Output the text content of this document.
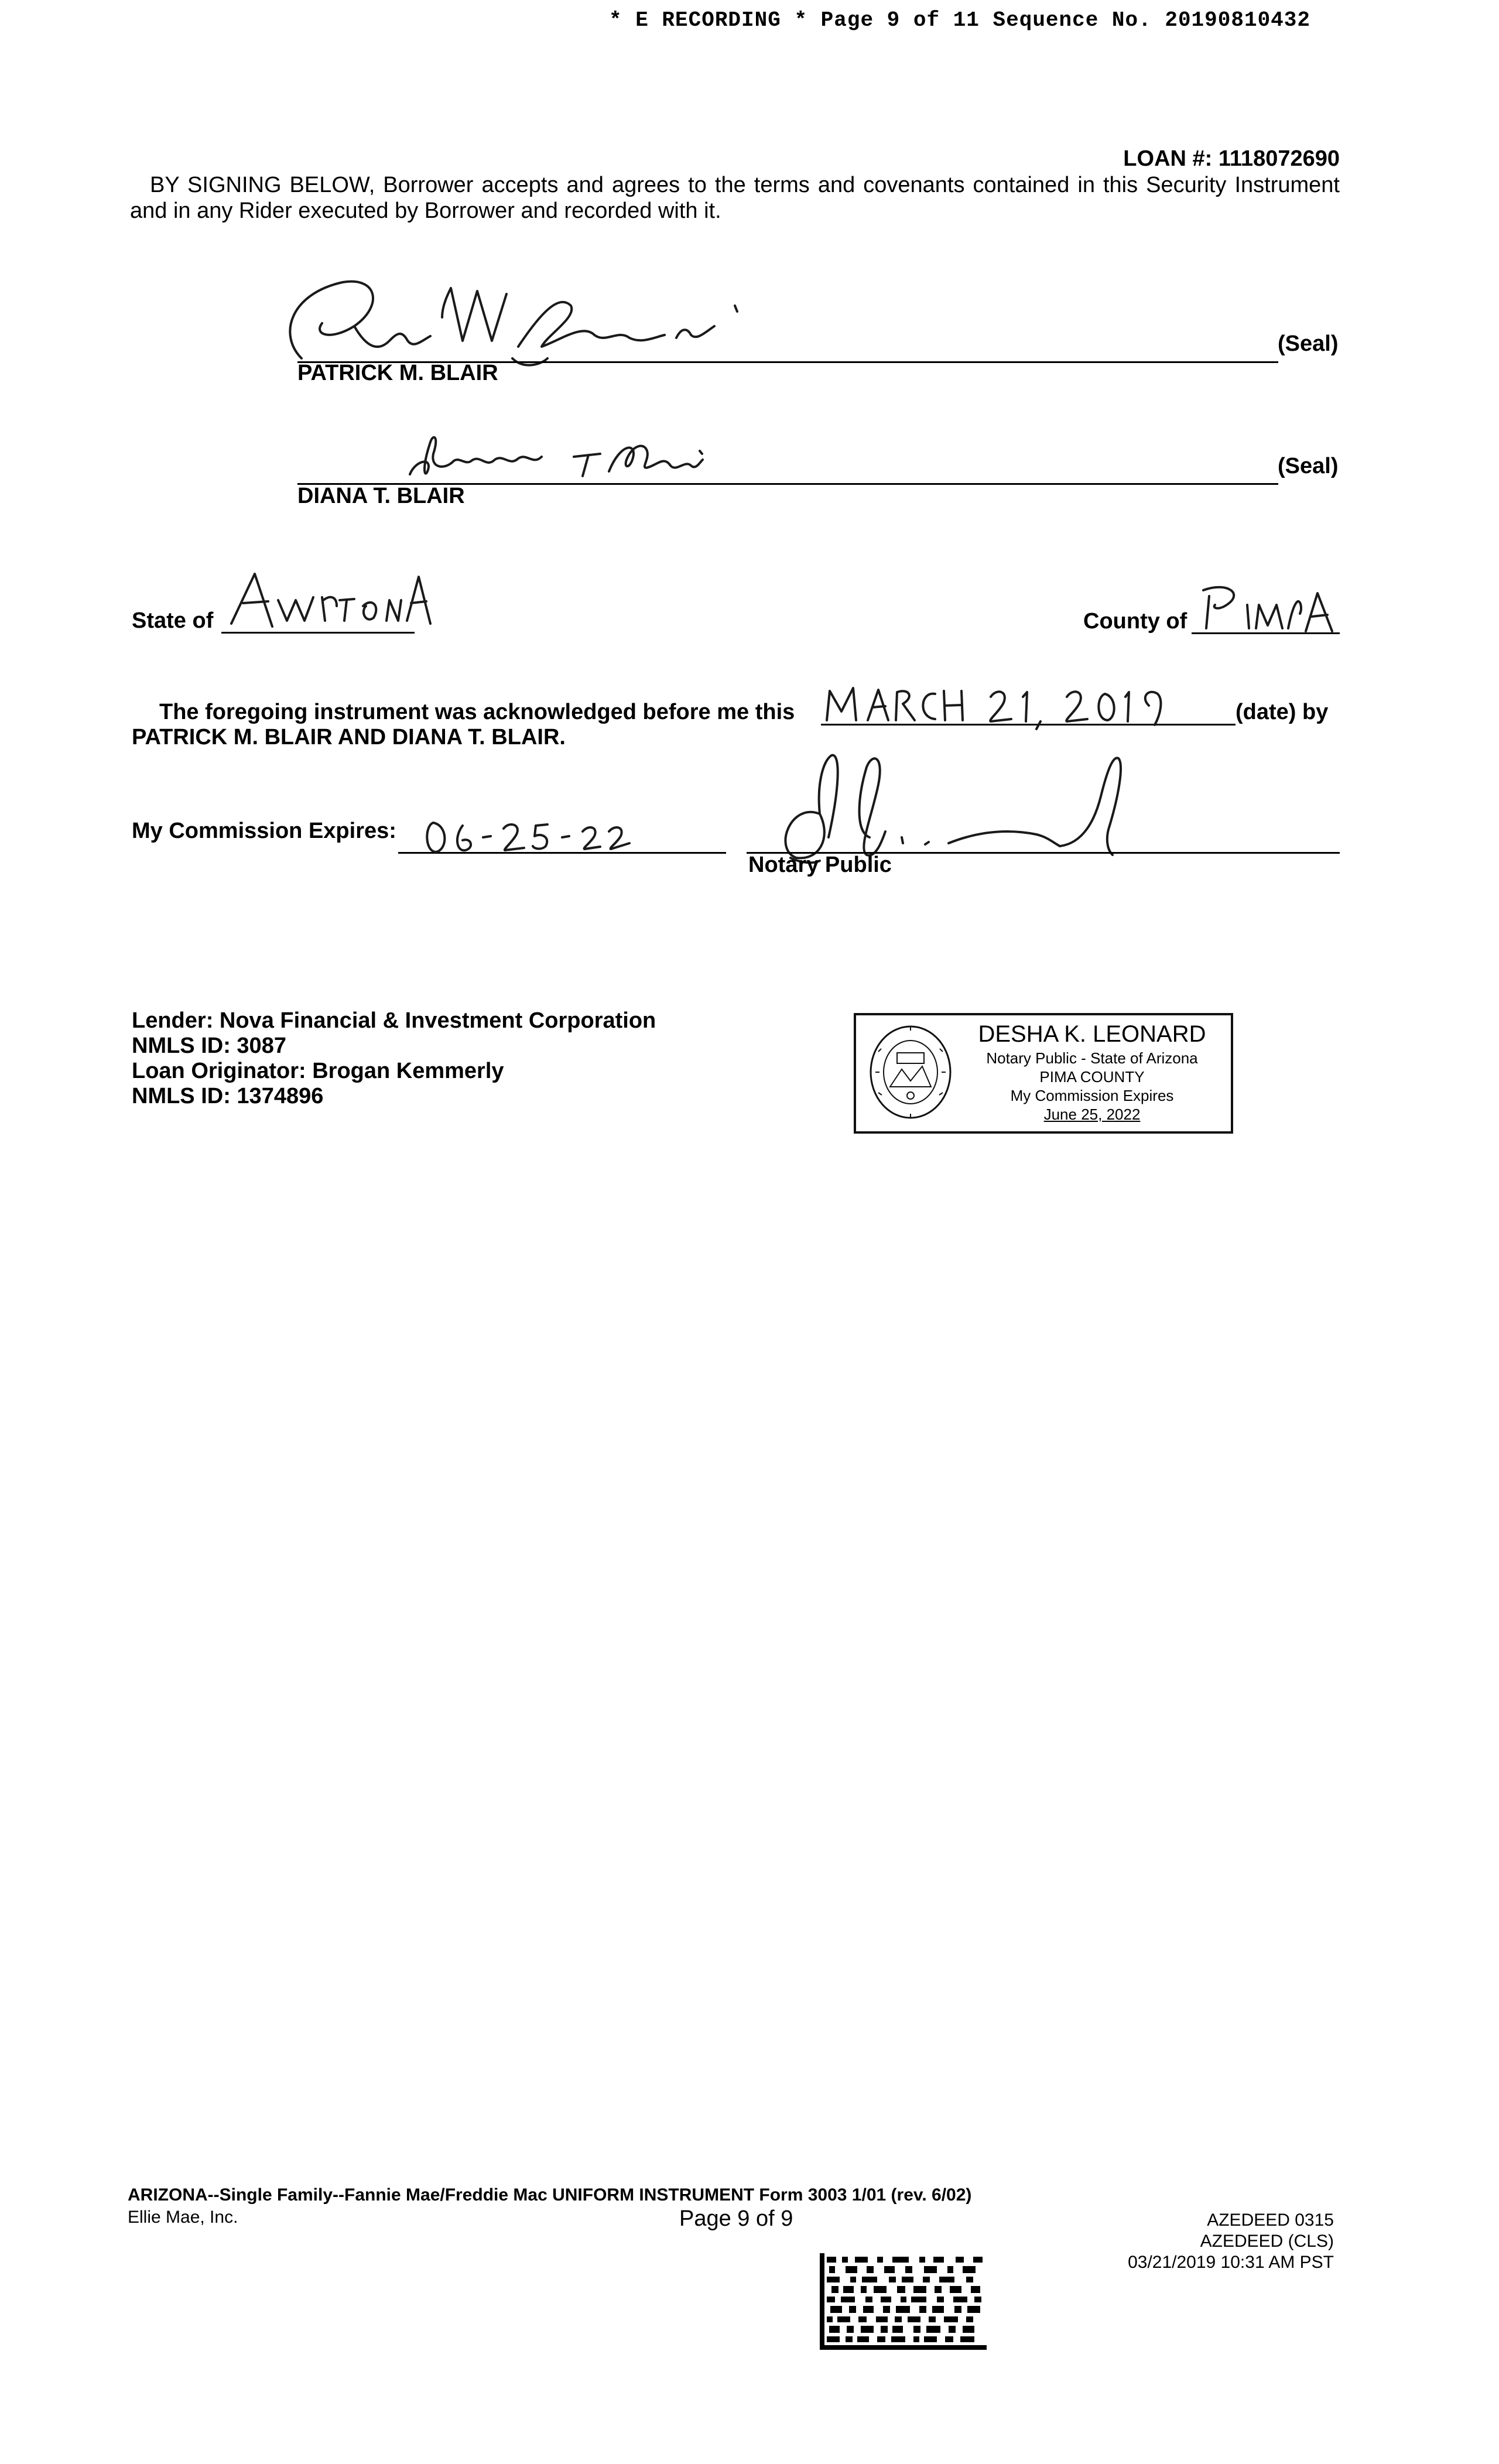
* E RECORDING * Page 9 of 11 Sequence No. 20190810432
LOAN #: 1118072690
BY SIGNING BELOW, Borrower accepts and agrees to the terms and covenants contained in this Security Instrument and in any Rider executed by Borrower and recorded with it.
(Seal)
PATRICK M. BLAIR
(Seal)
DIANA T. BLAIR
State of	County of
The foregoing instrument was acknowledged before me this	(date) by
PATRICK M. BLAIR AND DIANA T. BLAIR.
My Commission Expires:
Notary Public
Lender: Nova Financial & Investment Corporation
NMLS ID: 3087
Loan Originator: Brogan Kemmerly
NMLS ID: 1374896
DESHA K. LEONARD
Notary Public - State of Arizona
PIMA COUNTY
My Commission Expires
June 25, 2022
ARIZONA--Single Family--Fannie Mae/Freddie Mac UNIFORM INSTRUMENT Form 3003 1/01 (rev. 6/02)
Ellie Mae, Inc.	Page 9 of 9	AZEDEED 0315
AZEDEED (CLS)
03/21/2019 10:31 AM PST
